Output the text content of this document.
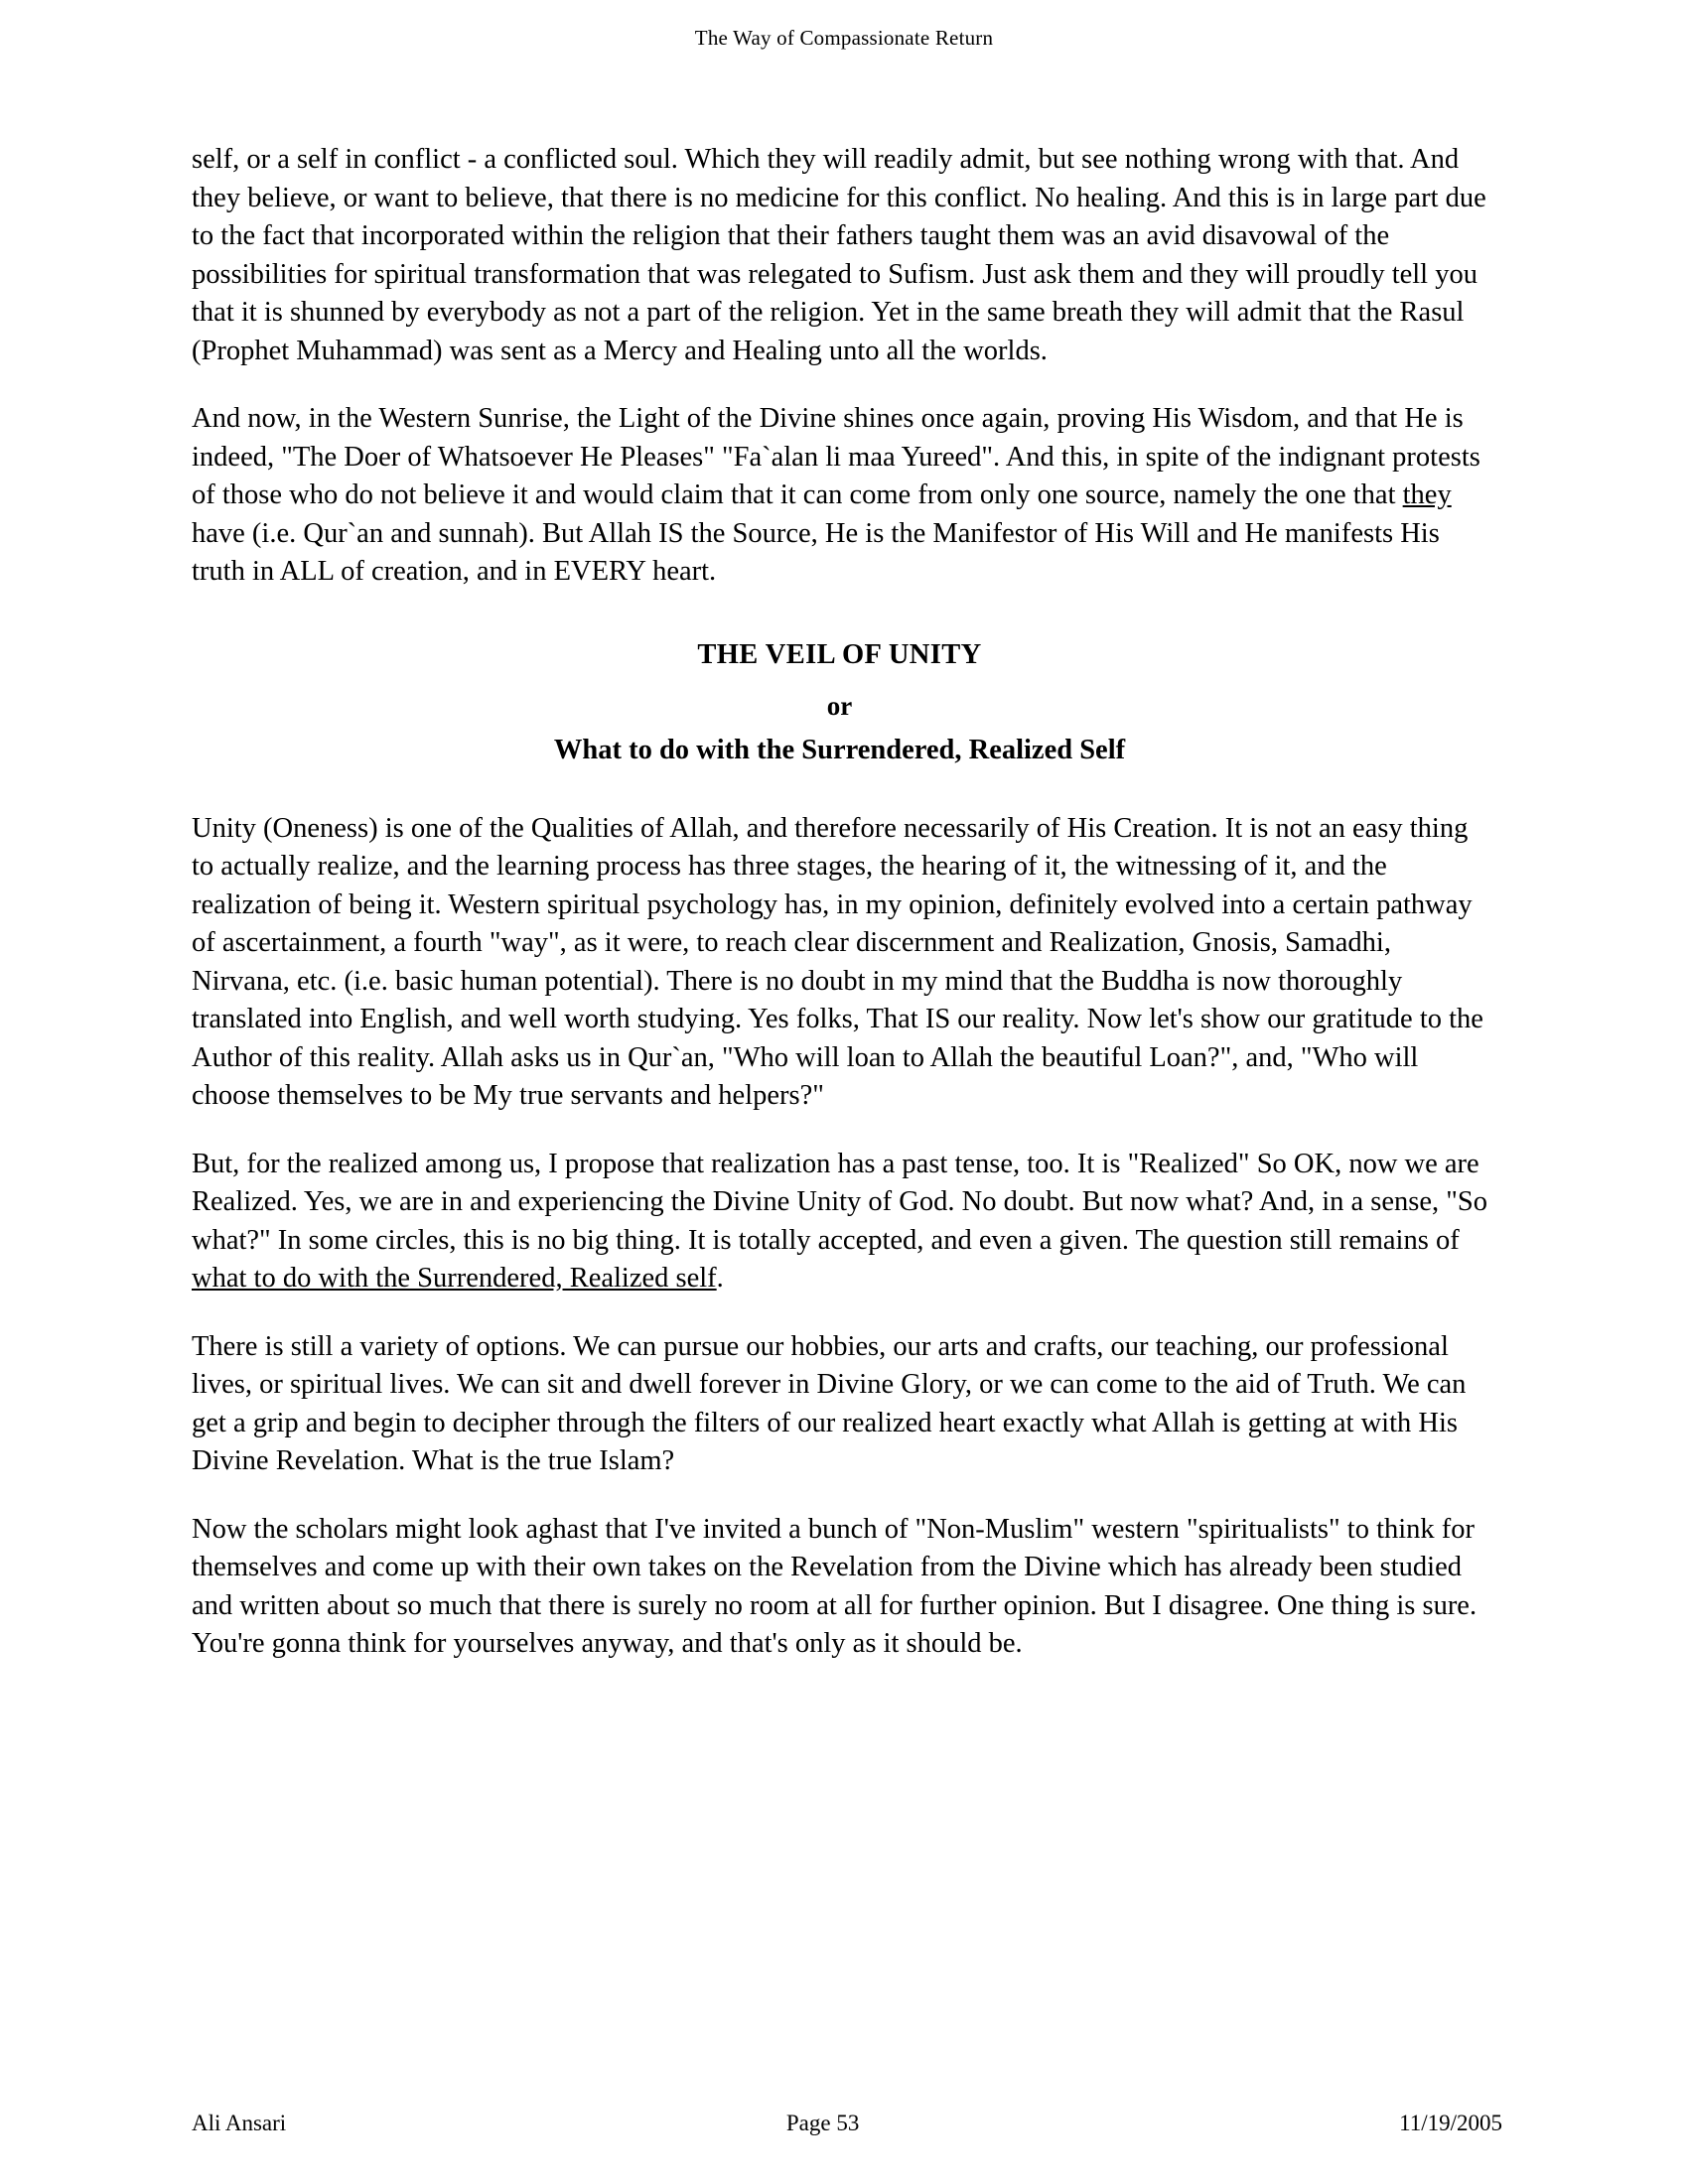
The Way of Compassionate Return

self, or a self in conflict - a conflicted soul. Which they will readily admit, but see nothing wrong with that. And they believe, or want to believe, that there is no medicine for this conflict. No healing. And this is in large part due to the fact that incorporated within the religion that their fathers taught them was an avid disavowal of the possibilities for spiritual transformation that was relegated to Sufism. Just ask them and they will proudly tell you that it is shunned by everybody as not a part of the religion. Yet in the same breath they will admit that the Rasul (Prophet Muhammad) was sent as a Mercy and Healing unto all the worlds.

And now, in the Western Sunrise, the Light of the Divine shines once again, proving His Wisdom, and that He is indeed, "The Doer of Whatsoever He Pleases" "Fa`alan li maa Yureed". And this, in spite of the indignant protests of those who do not believe it and would claim that it can come from only one source, namely the one that they have (i.e. Qur`an and sunnah). But Allah IS the Source, He is the Manifestor of His Will and He manifests His truth in ALL of creation, and in EVERY heart.

THE VEIL OF UNITY
or
What to do with the Surrendered, Realized Self

Unity (Oneness) is one of the Qualities of Allah, and therefore necessarily of His Creation. It is not an easy thing to actually realize, and the learning process has three stages, the hearing of it, the witnessing of it, and the realization of being it. Western spiritual psychology has, in my opinion, definitely evolved into a certain pathway of ascertainment, a fourth "way", as it were, to reach clear discernment and Realization, Gnosis, Samadhi, Nirvana, etc. (i.e. basic human potential). There is no doubt in my mind that the Buddha is now thoroughly translated into English, and well worth studying. Yes folks, That IS our reality. Now let's show our gratitude to the Author of this reality. Allah asks us in Qur`an, "Who will loan to Allah the beautiful Loan?", and, "Who will choose themselves to be My true servants and helpers?"

But, for the realized among us, I propose that realization has a past tense, too. It is "Realized" So OK, now we are Realized. Yes, we are in and experiencing the Divine Unity of God. No doubt. But now what? And, in a sense, "So what?" In some circles, this is no big thing. It is totally accepted, and even a given. The question still remains of what to do with the Surrendered, Realized self.

There is still a variety of options. We can pursue our hobbies, our arts and crafts, our teaching, our professional lives, or spiritual lives. We can sit and dwell forever in Divine Glory, or we can come to the aid of Truth. We can get a grip and begin to decipher through the filters of our realized heart exactly what Allah is getting at with His Divine Revelation. What is the true Islam?

Now the scholars might look aghast that I've invited a bunch of "Non-Muslim" western "spiritualists" to think for themselves and come up with their own takes on the Revelation from the Divine which has already been studied and written about so much that there is surely no room at all for further opinion. But I disagree. One thing is sure. You're gonna think for yourselves anyway, and that's only as it should be.

Ali Ansari	Page 53	11/19/2005
